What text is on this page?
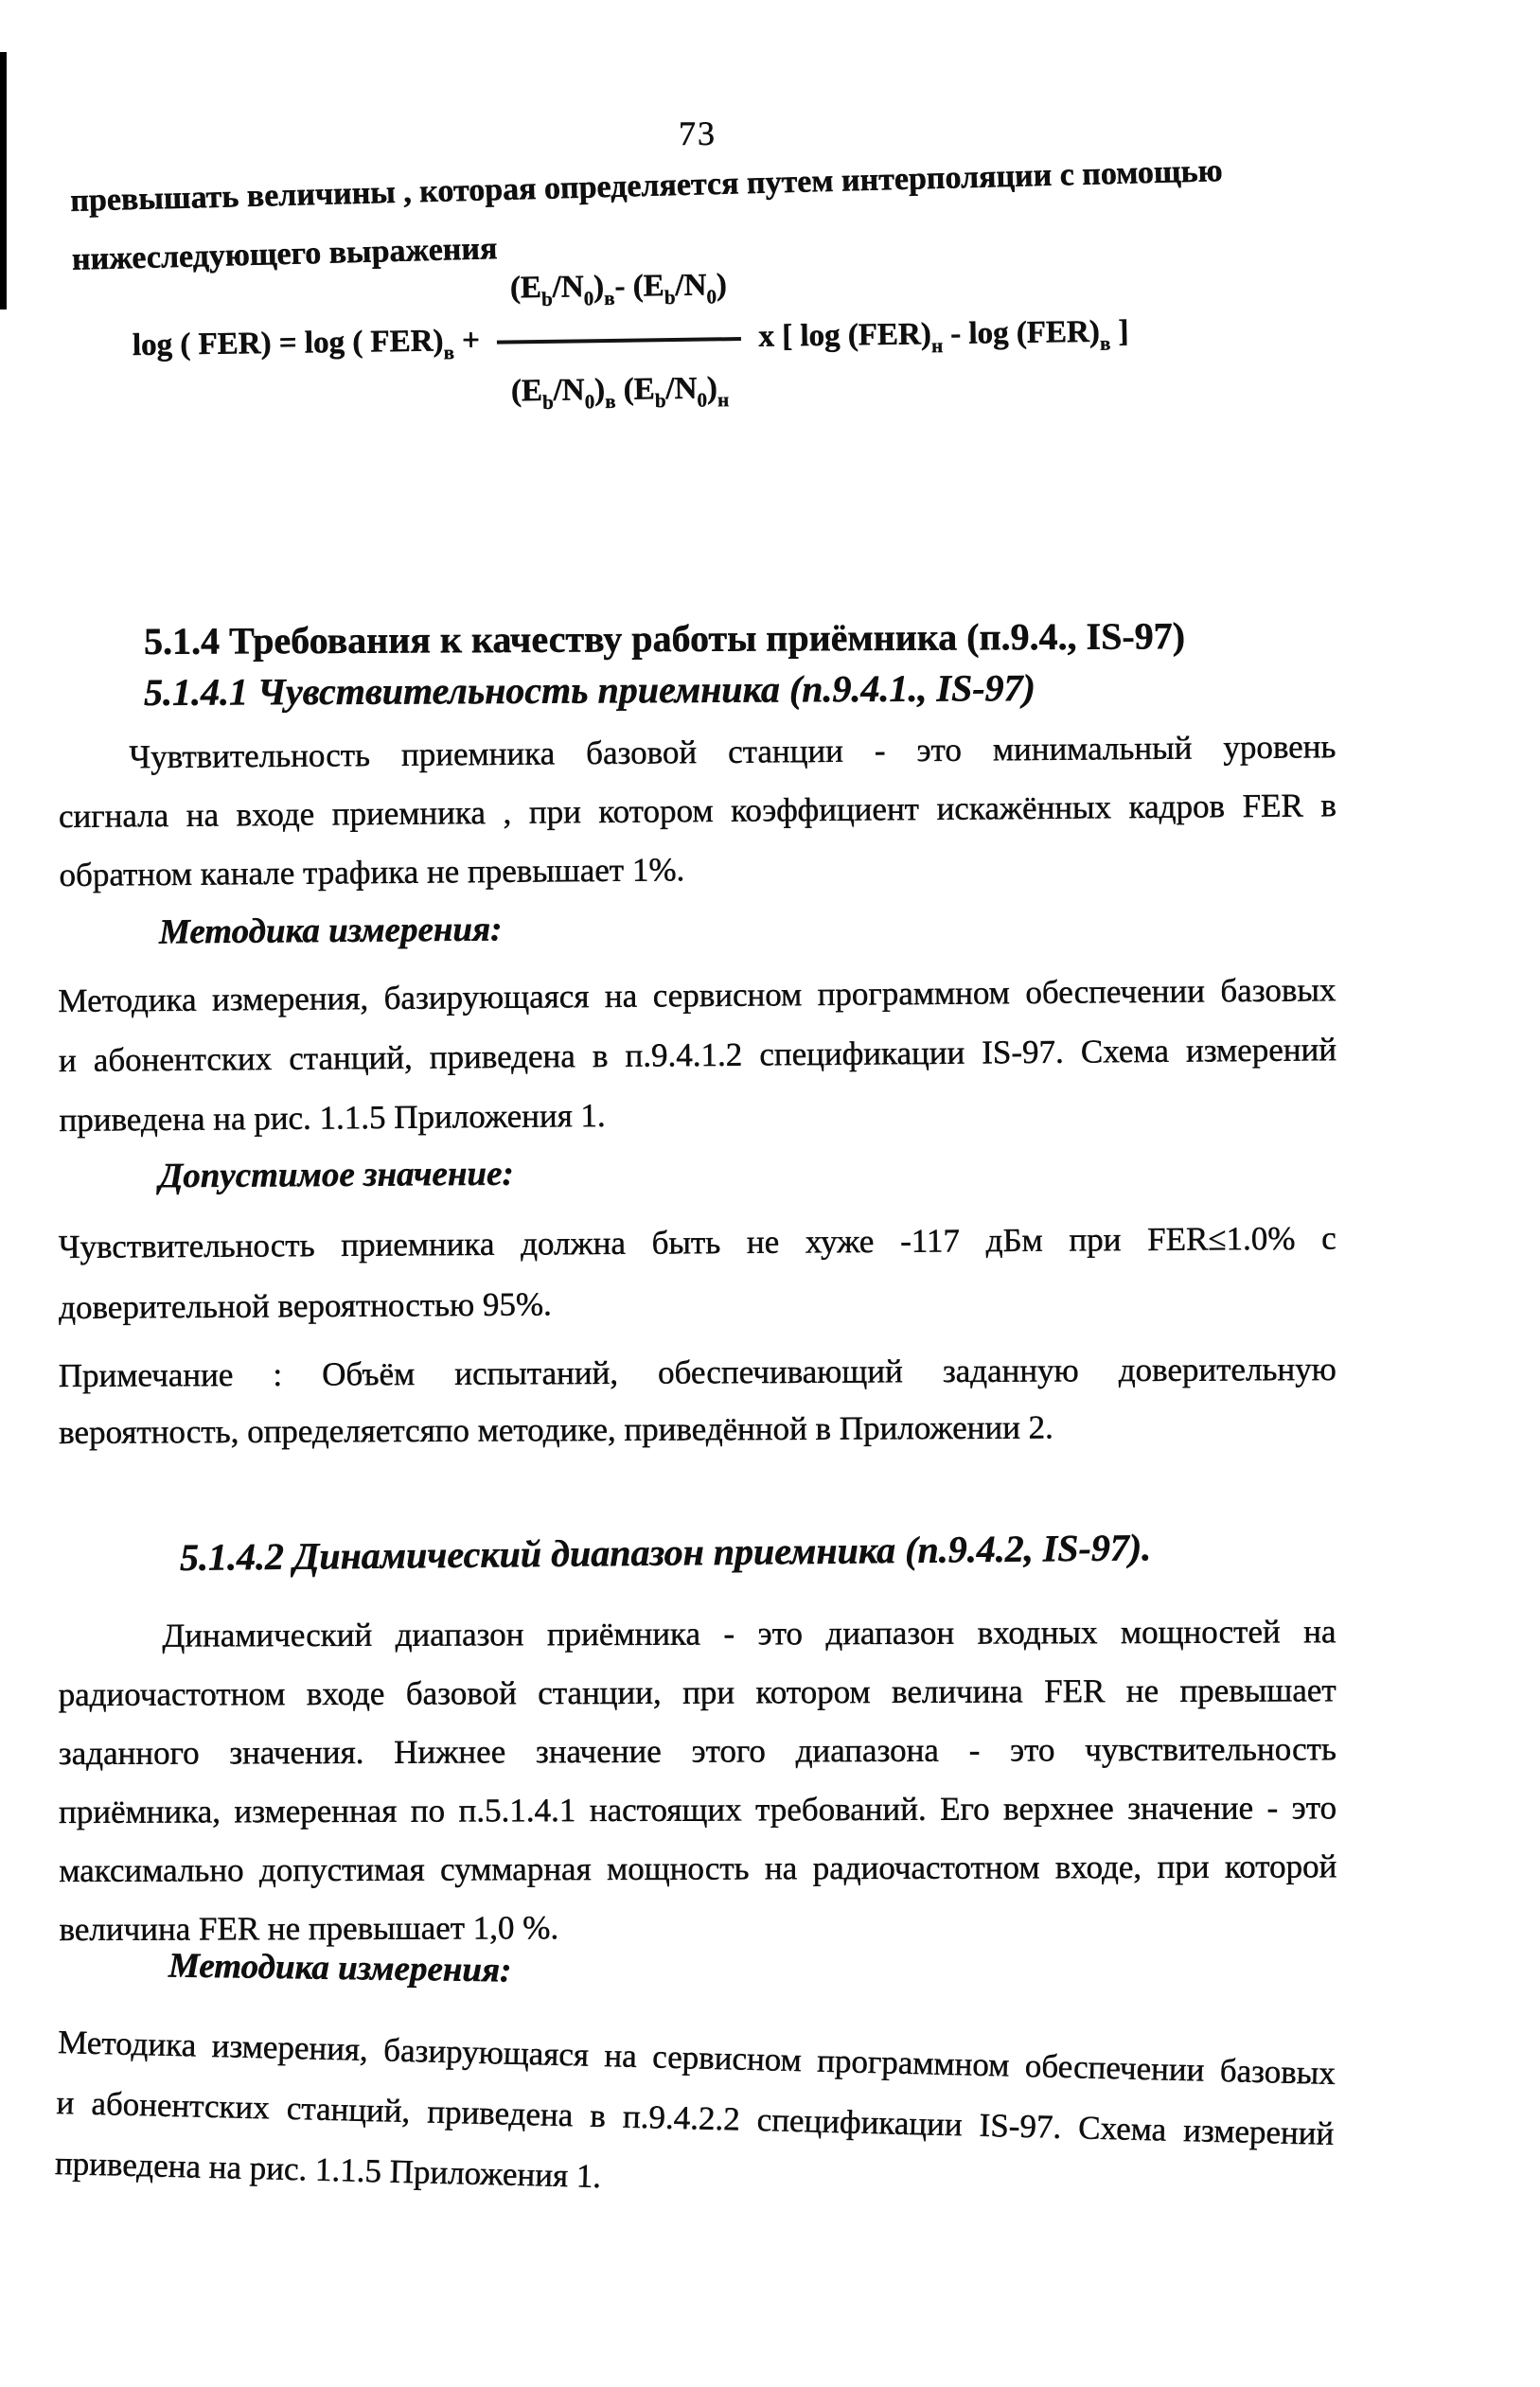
73
превышать величины , которая определяется путем интерполяции с помощью
нижеследующего выражения
log ( FER) = log ( $FER)_в$ +
$(E_b/N_0)_в-$ $(E_b/N_0)$
$(E_b/N_0)_в$ $(E_b/N_0)_н$
x [ $\log (FER)_н$ - $\log (FER)_в$ ]
5.1.4 Требования к качеству работы приёмника (п.9.4., IS-97)
5.1.4.1 Чувствительность приемника (п.9.4.1., IS-97)
Чувтвительность приемника базовой станции - это минимальный уровень
сигнала на входе приемника , при котором коэффициент искажённых кадров FER в
обратном канале трафика не превышает 1%.
Методика измерения:
Методика измерения, базирующаяся на сервисном программном обеспечении базовых
и абонентских станций, приведена в п.9.4.1.2 спецификации IS-97. Схема измерений
приведена на рис. 1.1.5 Приложения 1.
Допустимое значение:
Чувствительность приемника должна быть не хуже -117 дБм при FER≤1.0% с
доверительной вероятностью 95%.
Примечание : Объём испытаний, обеспечивающий заданную доверительную
вероятность, определяетсяпо методике, приведённой в Приложении 2.
5.1.4.2 Динамический диапазон приемника (п.9.4.2, IS-97).
Динамический диапазон приёмника - это диапазон входных мощностей на
радиочастотном входе базовой станции, при котором величина FER не превышает
заданного значения. Нижнее значение этого диапазона - это чувствительность
приёмника, измеренная по п.5.1.4.1 настоящих требований. Его верхнее значение - это
максимально допустимая суммарная мощность на радиочастотном входе, при которой
величина FER не превышает 1,0 %.
Методика измерения:
Методика измерения, базирующаяся на сервисном программном обеспечении базовых
и абонентских станций, приведена в п.9.4.2.2 спецификации IS-97. Схема измерений
приведена на рис. 1.1.5 Приложения 1.
